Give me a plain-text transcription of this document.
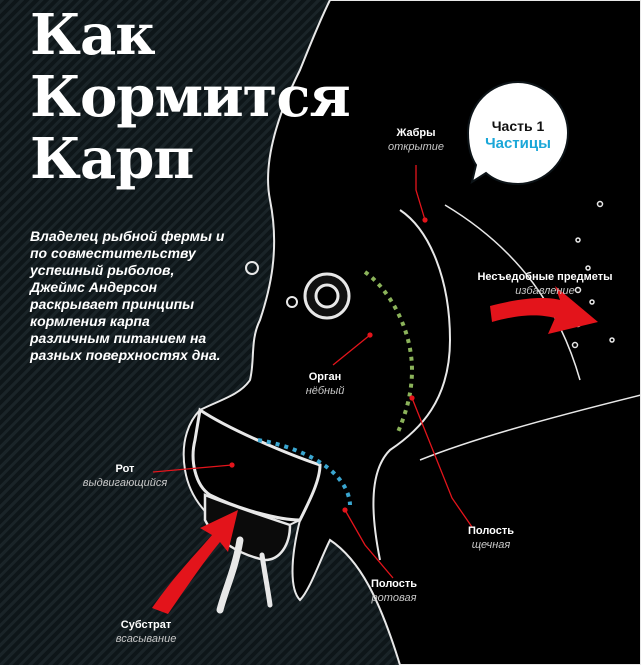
Как
Кормится
Карп
Владелец рыбной фермы и по совместительству успешный рыболов, Джеймс Андерсон раскрывает принципы кормления карпа различным питанием на разных поверхностях дна.
Часть 1
Частицы
Жабры
открытие
Несъедобные предметы
избавление
Орган
нёбный
Рот
выдвигающийся
Полость
щечная
Полость
ротовая
Субстрат
всасывание
